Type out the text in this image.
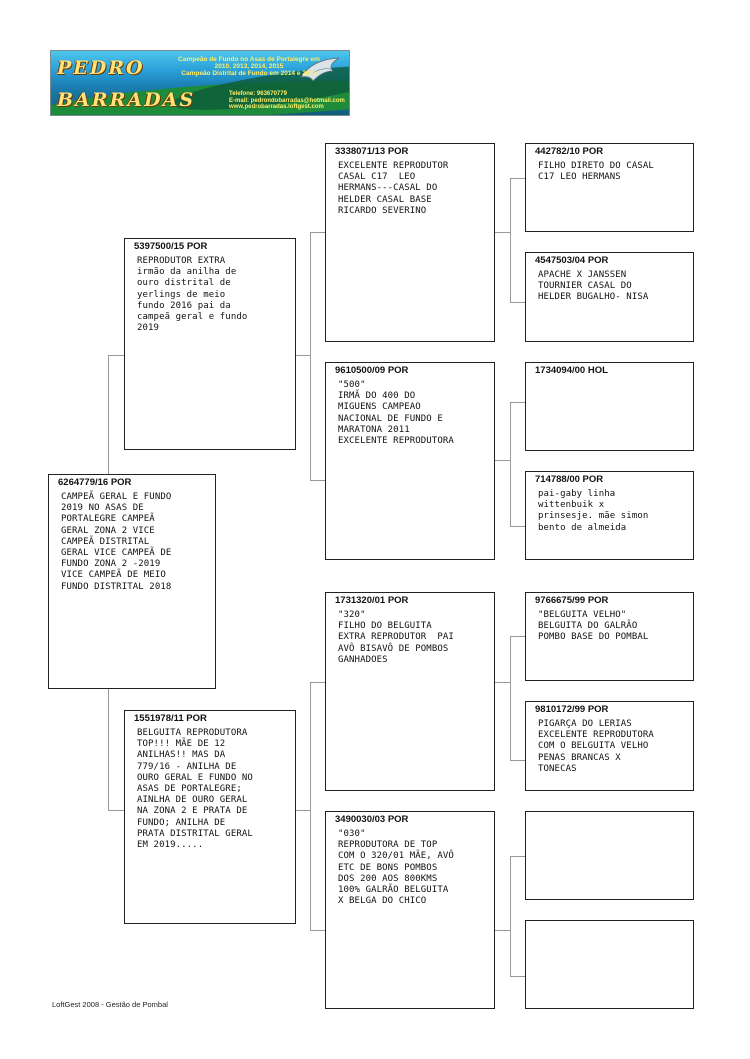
PEDRO
BARRADAS
Campeão de Fundo no Asas de Portalegre em
2010, 2013, 2014, 2015
Campeão Distrital de Fundo em 2014 e 2015
Telefone: 963670779
E-mail: pedrondobarradas@hotmail.com
www.pedrobarradas.loftgest.com
6264779/16 POR
CAMPEÃ GERAL E FUNDO
2019 NO ASAS DE
PORTALEGRE CAMPEÃ
GERAL ZONA 2 VICE
CAMPEÃ DISTRITAL
GERAL VICE CAMPEÃ DE
FUNDO ZONA 2 -2019
VICE CAMPEÃ DE MEIO
FUNDO DISTRITAL 2018
5397500/15 POR
REPRODUTOR EXTRA
irmão da anilha de
ouro distrital de
yerlings de meio
fundo 2016 pai da
campeã geral e fundo
2019
1551978/11 POR
BELGUITA REPRODUTORA
TOP!!! MÃE DE 12
ANILHAS!! MAS DA
779/16 - ANILHA DE
OURO GERAL E FUNDO NO
ASAS DE PORTALEGRE;
AINLHA DE OURO GERAL
NA ZONA 2 E PRATA DE
FUNDO; ANILHA DE
PRATA DISTRITAL GERAL
EM 2019.....
3338071/13 POR
EXCELENTE REPRODUTOR
CASAL C17  LEO
HERMANS---CASAL DO
HELDER CASAL BASE
RICARDO SEVERINO
9610500/09 POR
"500"
IRMÃ DO 400 DO
MIGUENS CAMPEAO
NACIONAL DE FUNDO E
MARATONA 2011
EXCELENTE REPRODUTORA
1731320/01 POR
"320"
FILHO DO BELGUITA
EXTRA REPRODUTOR  PAI
AVÔ BISAVÔ DE POMBOS
GANHADOES
3490030/03 POR
"030"
REPRODUTORA DE TOP
COM O 320/01 MÃE, AVÔ
ETC DE BONS POMBOS
DOS 200 AOS 800KMS
100% GALRÃO BELGUITA
X BELGA DO CHICO
442782/10 POR
FILHO DIRETO DO CASAL
C17 LEO HERMANS
4547503/04 POR
APACHE X JANSSEN
TOURNIER CASAL DO
HELDER BUGALHO- NISA
1734094/00 HOL
714788/00 POR
pai-gaby linha
wittenbuik x
prinsesje. mãe simon
bento de almeida
9766675/99 POR
"BELGUITA VELHO"
BELGUITA DO GALRÃO
POMBO BASE DO POMBAL
9810172/99 POR
PIGARÇA DO LERIAS
EXCELENTE REPRODUTORA
COM O BELGUITA VELHO
PENAS BRANCAS X
TONECAS
LoftGest 2008 - Gestão de Pombal
